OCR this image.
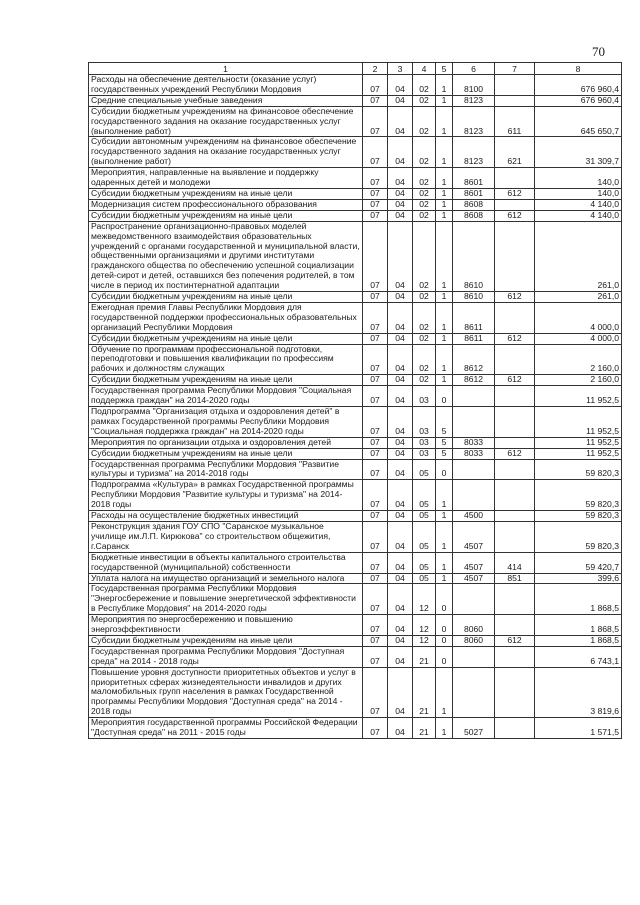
70
1	2	3	4	5	6	7	8
Расходы на обеспечение деятельности (оказание услуг) государственных учреждений Республики Мордовия	07	04	02	1	8100		676 960,4
Средние специальные учебные заведения	07	04	02	1	8123		676 960,4
Субсидии бюджетным учреждениям на финансовое обеспечение государственного задания на оказание государственных услуг (выполнение работ)	07	04	02	1	8123	611	645 650,7
Субсидии автономным учреждениям на финансовое обеспечение государственного задания на оказание государственных услуг (выполнение работ)	07	04	02	1	8123	621	31 309,7
Мероприятия, направленные на выявление и поддержку одаренных детей и молодежи	07	04	02	1	8601		140,0
Субсидии бюджетным учреждениям на иные цели	07	04	02	1	8601	612	140,0
Модернизация систем профессионального образования	07	04	02	1	8608		4 140,0
Субсидии бюджетным учреждениям на иные цели	07	04	02	1	8608	612	4 140,0
Распространение организационно-правовых моделей межведомственного взаимодействия образовательных учреждений с органами государственной и муниципальной власти, общественными организациями и другими институтами гражданского общества по обеспечению успешной социализации детей-сирот и детей, оставшихся без попечения родителей, в том числе в период их постинтернатной адаптации	07	04	02	1	8610		261,0
Субсидии бюджетным учреждениям на иные цели	07	04	02	1	8610	612	261,0
Ежегодная премия Главы Республики Мордовия для государственной поддержки профессиональных образовательных организаций Республики Мордовия	07	04	02	1	8611		4 000,0
Субсидии бюджетным учреждениям на иные цели	07	04	02	1	8611	612	4 000,0
Обучение по программам профессиональной подготовки, переподготовки и повышения квалификации по профессиям рабочих и должностям служащих	07	04	02	1	8612		2 160,0
Субсидии бюджетным учреждениям на иные цели	07	04	02	1	8612	612	2 160,0
Государственная программа Республики Мордовия "Социальная поддержка граждан" на 2014-2020 годы	07	04	03	0			11 952,5
Подпрограмма "Организация отдыха и оздоровления детей" в рамках Государственной программы Республики Мордовия "Социальная поддержка граждан" на 2014-2020 годы	07	04	03	5			11 952,5
Мероприятия по организации отдыха и оздоровления детей	07	04	03	5	8033		11 952,5
Субсидии бюджетным учреждениям на иные цели	07	04	03	5	8033	612	11 952,5
Государственная программа Республики Мордовия "Развитие культуры и туризма" на 2014-2018 годы	07	04	05	0			59 820,3
Подпрограмма «Культура» в рамках Государственной программы Республики Мордовия "Развитие культуры и туризма" на 2014-2018 годы	07	04	05	1			59 820,3
Расходы на осуществление бюджетных инвестиций	07	04	05	1	4500		59 820,3
Реконструкция здания ГОУ СПО "Саранское музыкальное училище им.Л.П. Кирюкова" со строительством общежития, г.Саранск	07	04	05	1	4507		59 820,3
Бюджетные инвестиции в объекты капитального строительства государственной (муниципальной) собственности	07	04	05	1	4507	414	59 420,7
Уплата налога на имущество организаций и земельного налога	07	04	05	1	4507	851	399,6
Государственная программа Республики Мордовия "Энергосбережение и повышение энергетической эффективности в Республике Мордовия" на 2014-2020 годы	07	04	12	0			1 868,5
Мероприятия по энергосбережению и повышению энергоэффективности	07	04	12	0	8060		1 868,5
Субсидии бюджетным учреждениям на иные цели	07	04	12	0	8060	612	1 868,5
Государственная программа Республики Мордовия "Доступная среда" на 2014 - 2018 годы	07	04	21	0			6 743,1
Повышение уровня доступности приоритетных объектов и услуг в приоритетных сферах жизнедеятельности инвалидов и других маломобильных групп населения в рамках Государственной программы Республики Мордовия "Доступная среда" на 2014 - 2018 годы	07	04	21	1			3 819,6
Мероприятия государственной программы Российской Федерации "Доступная среда" на 2011 - 2015 годы	07	04	21	1	5027		1 571,5
